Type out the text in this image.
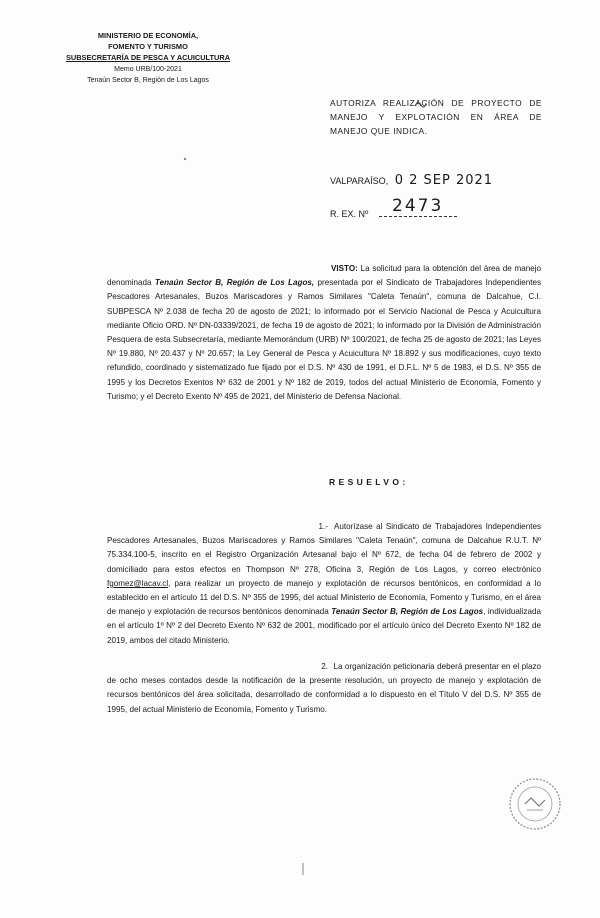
MINISTERIO DE ECONOMÍA,
FOMENTO Y TURISMO
SUBSECRETARÍA DE PESCA Y ACUICULTURA
Memo URB/100-2021
Tenaún Sector B, Región de Los Lagos
AUTORIZA REALIZACIÓN DE PROYECTO DE MANEJO Y EXPLOTACIÓN EN ÁREA DE MANEJO QUE INDICA.
VALPARAÍSO, 0 2 SEP 2021
R. EX. Nº 2473
VISTO: La solicitud para la obtención del área de manejo denominada Tenaún Sector B, Región de Los Lagos, presentada por el Sindicato de Trabajadores Independientes Pescadores Artesanales, Buzos Mariscadores y Ramos Similares "Caleta Tenaún", comuna de Dalcahue, C.I. SUBPESCA Nº 2.038 de fecha 20 de agosto de 2021; lo informado por el Servicio Nacional de Pesca y Acuicultura mediante Oficio ORD. Nº DN-03339/2021, de fecha 19 de agosto de 2021; lo informado por la División de Administración Pesquera de esta Subsecretaría, mediante Memorándum (URB) Nº 100/2021, de fecha 25 de agosto de 2021; las Leyes Nº 19.880, Nº 20.437 y Nº 20.657; la Ley General de Pesca y Acuicultura Nº 18.892 y sus modificaciones, cuyo texto refundido, coordinado y sistematizado fue fijado por el D.S. Nº 430 de 1991, el D.F.L. Nº 5 de 1983, el D.S. Nº 355 de 1995 y los Decretos Exentos Nº 632 de 2001 y Nº 182 de 2019, todos del actual Ministerio de Economía, Fomento y Turismo; y el Decreto Exento Nº 495 de 2021, del Ministerio de Defensa Nacional.
RESUELVO:
1.- Autorízase al Sindicato de Trabajadores Independientes Pescadores Artesanales, Buzos Mariscadores y Ramos Similares "Caleta Tenaún", comuna de Dalcahue R.U.T. Nº 75.334.100-5, inscrito en el Registro Organización Artesanal bajo el Nº 672, de fecha 04 de febrero de 2002 y domiciliado para estos efectos en Thompson Nº 278, Oficina 3, Región de Los Lagos, y correo electrónico fgomez@lacav.cl, para realizar un proyecto de manejo y explotación de recursos bentónicos, en conformidad a lo establecido en el artículo 11 del D.S. Nº 355 de 1995, del actual Ministerio de Economía, Fomento y Turismo, en el área de manejo y explotación de recursos bentónicos denominada Tenaún Sector B, Región de Los Lagos, individualizada en el artículo 1º Nº 2 del Decreto Exento Nº 632 de 2001, modificado por el artículo único del Decreto Exento Nº 182 de 2019, ambos del citado Ministerio.
2. La organización peticionaria deberá presentar en el plazo de ocho meses contados desde la notificación de la presente resolución, un proyecto de manejo y explotación de recursos bentónicos del área solicitada, desarrollado de conformidad a lo dispuesto en el Título V del D.S. Nº 355 de 1995, del actual Ministerio de Economía, Fomento y Turismo.
